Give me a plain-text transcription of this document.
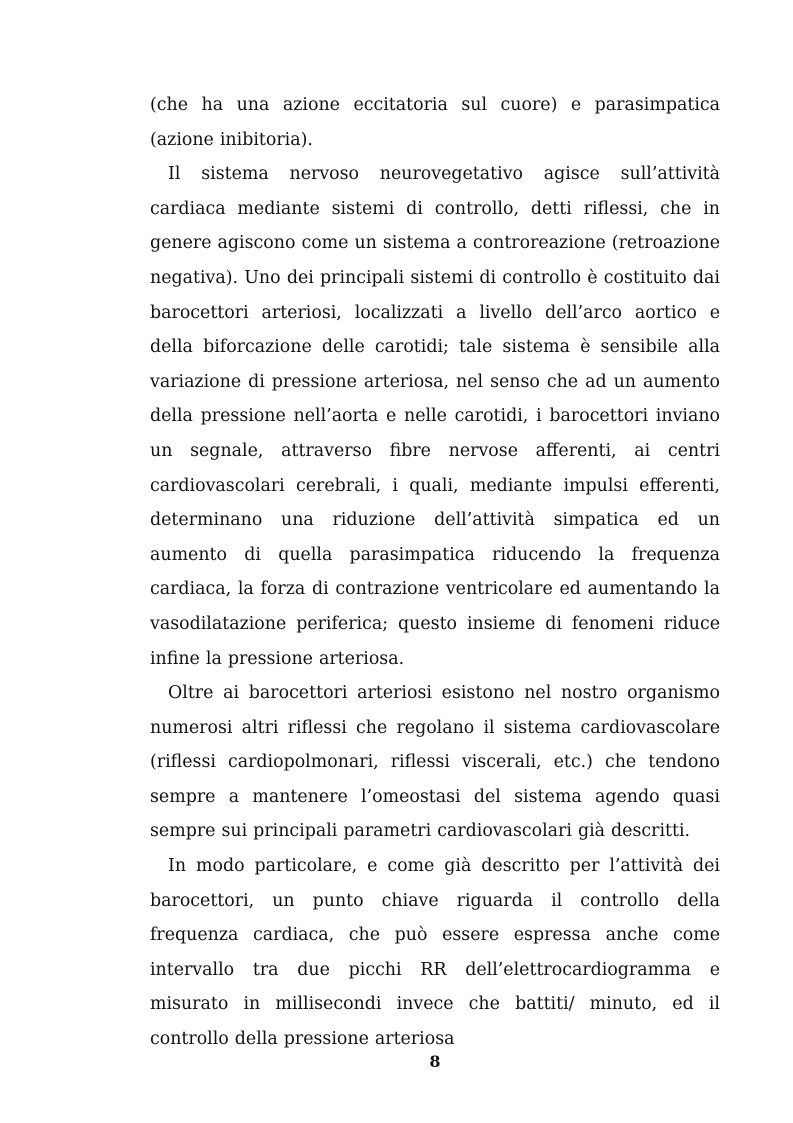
(che ha una azione eccitatoria sul cuore) e parasimpatica (azione inibitoria).

Il sistema nervoso neurovegetativo agisce sull’attività cardiaca mediante sistemi di controllo, detti riflessi, che in genere agiscono come un sistema a controreazione (retroazione negativa). Uno dei principali sistemi di controllo è costituito dai barocettori arteriosi, localizzati a livello dell’arco aortico e della biforcazione delle carotidi; tale sistema è sensibile alla variazione di pressione arteriosa, nel senso che ad un aumento della pressione nell’aorta e nelle carotidi, i barocettori inviano un segnale, attraverso fibre nervose afferenti, ai centri cardiovascolari cerebrali, i quali, mediante impulsi efferenti, determinano una riduzione dell’attività simpatica ed un aumento di quella parasimpatica riducendo la frequenza cardiaca, la forza di contrazione ventricolare ed aumentando la vasodilatazione periferica; questo insieme di fenomeni riduce infine la pressione arteriosa.

Oltre ai barocettori arteriosi esistono nel nostro organismo numerosi altri riflessi che regolano il sistema cardiovascolare (riflessi cardiopolmonari, riflessi viscerali, etc.) che tendono sempre a mantenere l’omeostasi del sistema agendo quasi sempre sui principali parametri cardiovascolari già descritti.

In modo particolare, e come già descritto per l’attività dei barocettori, un punto chiave riguarda il controllo della frequenza cardiaca, che può essere espressa anche come intervallo tra due picchi RR dell’elettrocardiogramma e misurato in millisecondi invece che battiti/ minuto, ed il controllo della pressione arteriosa

8
